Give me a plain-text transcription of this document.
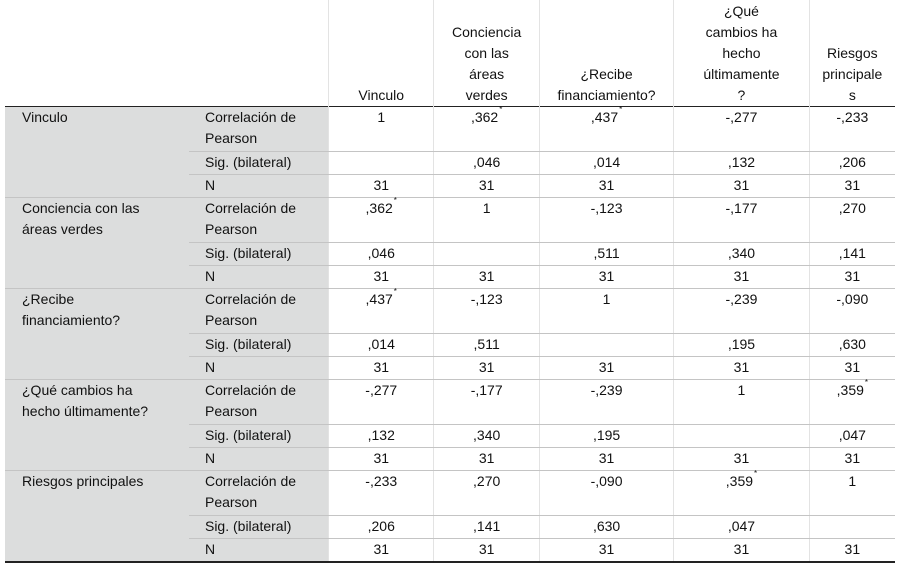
		Vinculo	Conciencia
con las
áreas
verdes	¿Recibe
financiamiento?	¿Qué
cambios ha
hecho
últimamente
?	Riesgos
principale
s

Vinculo	Correlación de
Pearson	1	,362*	,437*	-,277	-,233
	Sig. (bilateral)		,046	,014	,132	,206
	N	31	31	31	31	31

Conciencia con las
áreas verdes	Correlación de
Pearson	,362*	1	-,123	-,177	,270
	Sig. (bilateral)	,046		,511	,340	,141
	N	31	31	31	31	31

¿Recibe
financiamiento?	Correlación de
Pearson	,437*	-,123	1	-,239	-,090
	Sig. (bilateral)	,014	,511		,195	,630
	N	31	31	31	31	31

¿Qué cambios ha
hecho últimamente?	Correlación de
Pearson	-,277	-,177	-,239	1	,359*
	Sig. (bilateral)	,132	,340	,195		,047
	N	31	31	31	31	31

Riesgos principales	Correlación de
Pearson	-,233	,270	-,090	,359*	1
	Sig. (bilateral)	,206	,141	,630	,047	
	N	31	31	31	31	31
